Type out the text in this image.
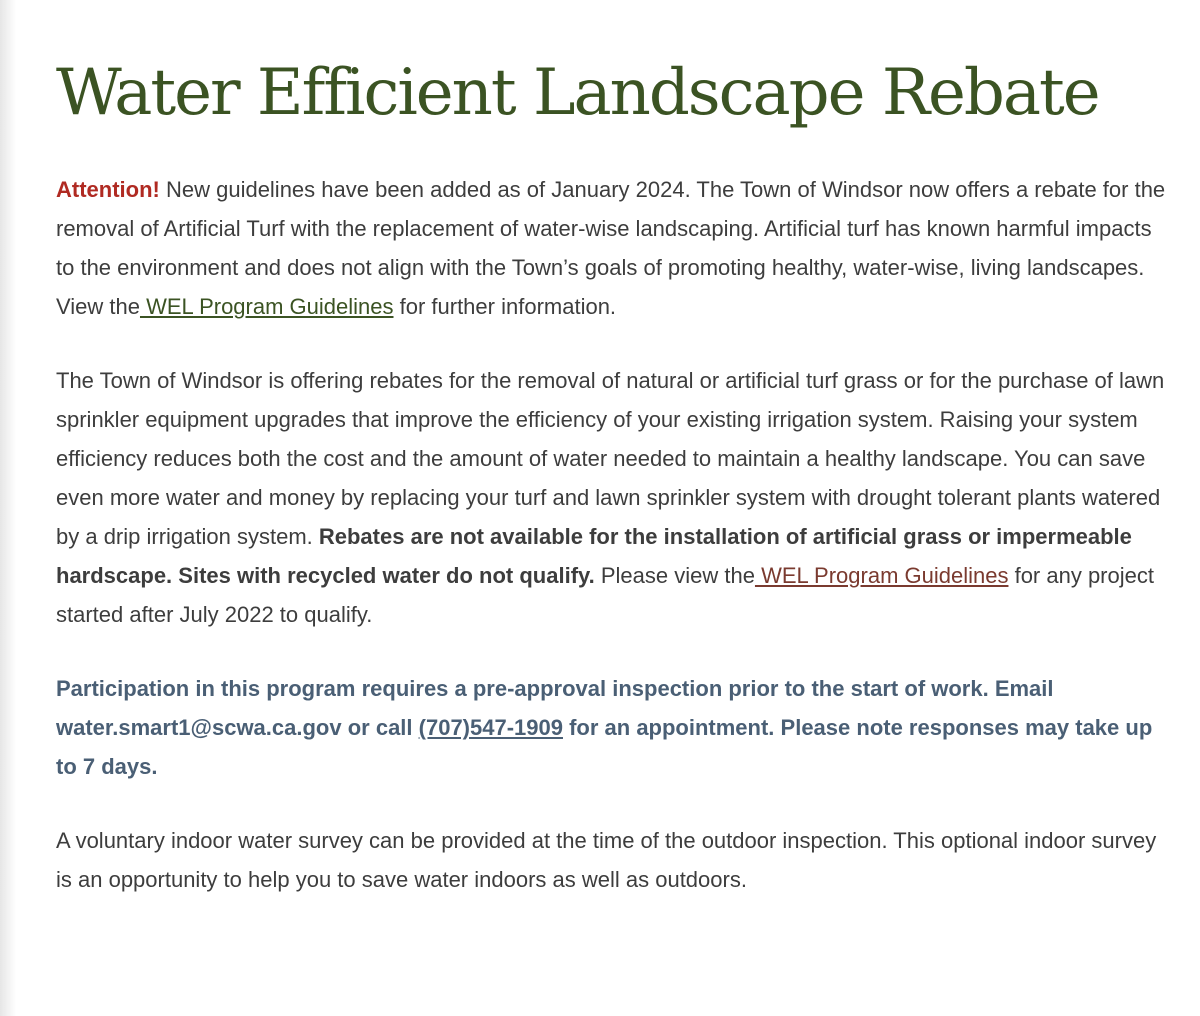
Water Efficient Landscape Rebate

Attention! New guidelines have been added as of January 2024. The Town of Windsor now offers a rebate for the removal of Artificial Turf with the replacement of water-wise landscaping. Artificial turf has known harmful impacts to the environment and does not align with the Town’s goals of promoting healthy, water-wise, living landscapes. View the WEL Program Guidelines for further information.

The Town of Windsor is offering rebates for the removal of natural or artificial turf grass or for the purchase of lawn sprinkler equipment upgrades that improve the efficiency of your existing irrigation system. Raising your system efficiency reduces both the cost and the amount of water needed to maintain a healthy landscape. You can save even more water and money by replacing your turf and lawn sprinkler system with drought tolerant plants watered by a drip irrigation system. Rebates are not available for the installation of artificial grass or impermeable hardscape. Sites with recycled water do not qualify. Please view the WEL Program Guidelines for any project started after July 2022 to qualify.

Participation in this program requires a pre-approval inspection prior to the start of work. Email water.smart1@scwa.ca.gov or call (707)547-1909 for an appointment. Please note responses may take up to 7 days.

A voluntary indoor water survey can be provided at the time of the outdoor inspection. This optional indoor survey is an opportunity to help you to save water indoors as well as outdoors.
